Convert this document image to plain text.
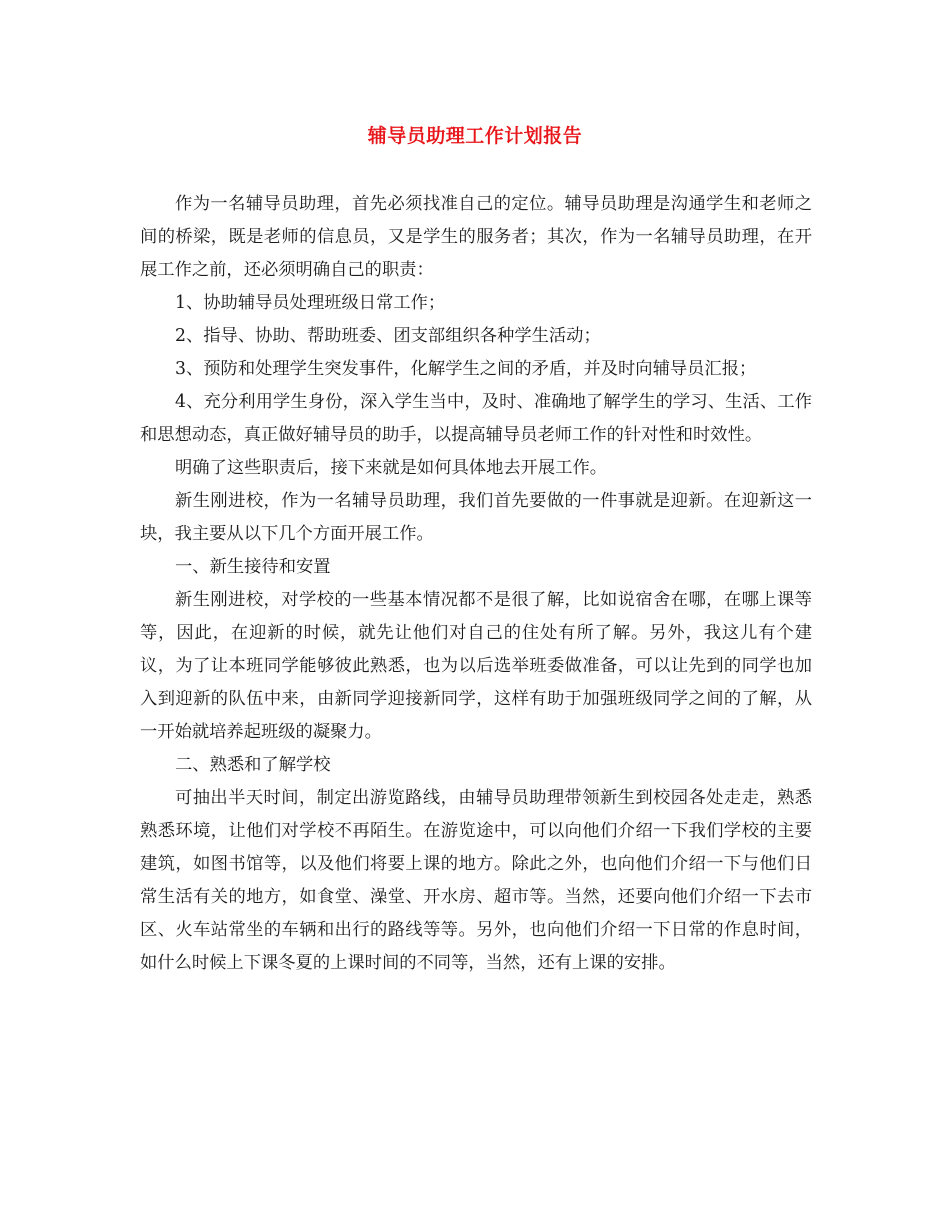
辅导员助理工作计划报告

作为一名辅导员助理，首先必须找准自己的定位。辅导员助理是沟通学生和老师之间的桥梁，既是老师的信息员，又是学生的服务者；其次，作为一名辅导员助理，在开展工作之前，还必须明确自己的职责：

1、协助辅导员处理班级日常工作；

2、指导、协助、帮助班委、团支部组织各种学生活动；

3、预防和处理学生突发事件，化解学生之间的矛盾，并及时向辅导员汇报；

4、充分利用学生身份，深入学生当中，及时、准确地了解学生的学习、生活、工作和思想动态，真正做好辅导员的助手，以提高辅导员老师工作的针对性和时效性。

明确了这些职责后，接下来就是如何具体地去开展工作。

新生刚进校，作为一名辅导员助理，我们首先要做的一件事就是迎新。在迎新这一块，我主要从以下几个方面开展工作。

一、新生接待和安置

新生刚进校，对学校的一些基本情况都不是很了解，比如说宿舍在哪，在哪上课等等，因此，在迎新的时候，就先让他们对自己的住处有所了解。另外，我这儿有个建议，为了让本班同学能够彼此熟悉，也为以后选举班委做准备，可以让先到的同学也加入到迎新的队伍中来，由新同学迎接新同学，这样有助于加强班级同学之间的了解，从一开始就培养起班级的凝聚力。

二、熟悉和了解学校

可抽出半天时间，制定出游览路线，由辅导员助理带领新生到校园各处走走，熟悉熟悉环境，让他们对学校不再陌生。在游览途中，可以向他们介绍一下我们学校的主要建筑，如图书馆等，以及他们将要上课的地方。除此之外，也向他们介绍一下与他们日常生活有关的地方，如食堂、澡堂、开水房、超市等。当然，还要向他们介绍一下去市区、火车站常坐的车辆和出行的路线等等。另外，也向他们介绍一下日常的作息时间，如什么时候上下课冬夏的上课时间的不同等，当然，还有上课的安排。
